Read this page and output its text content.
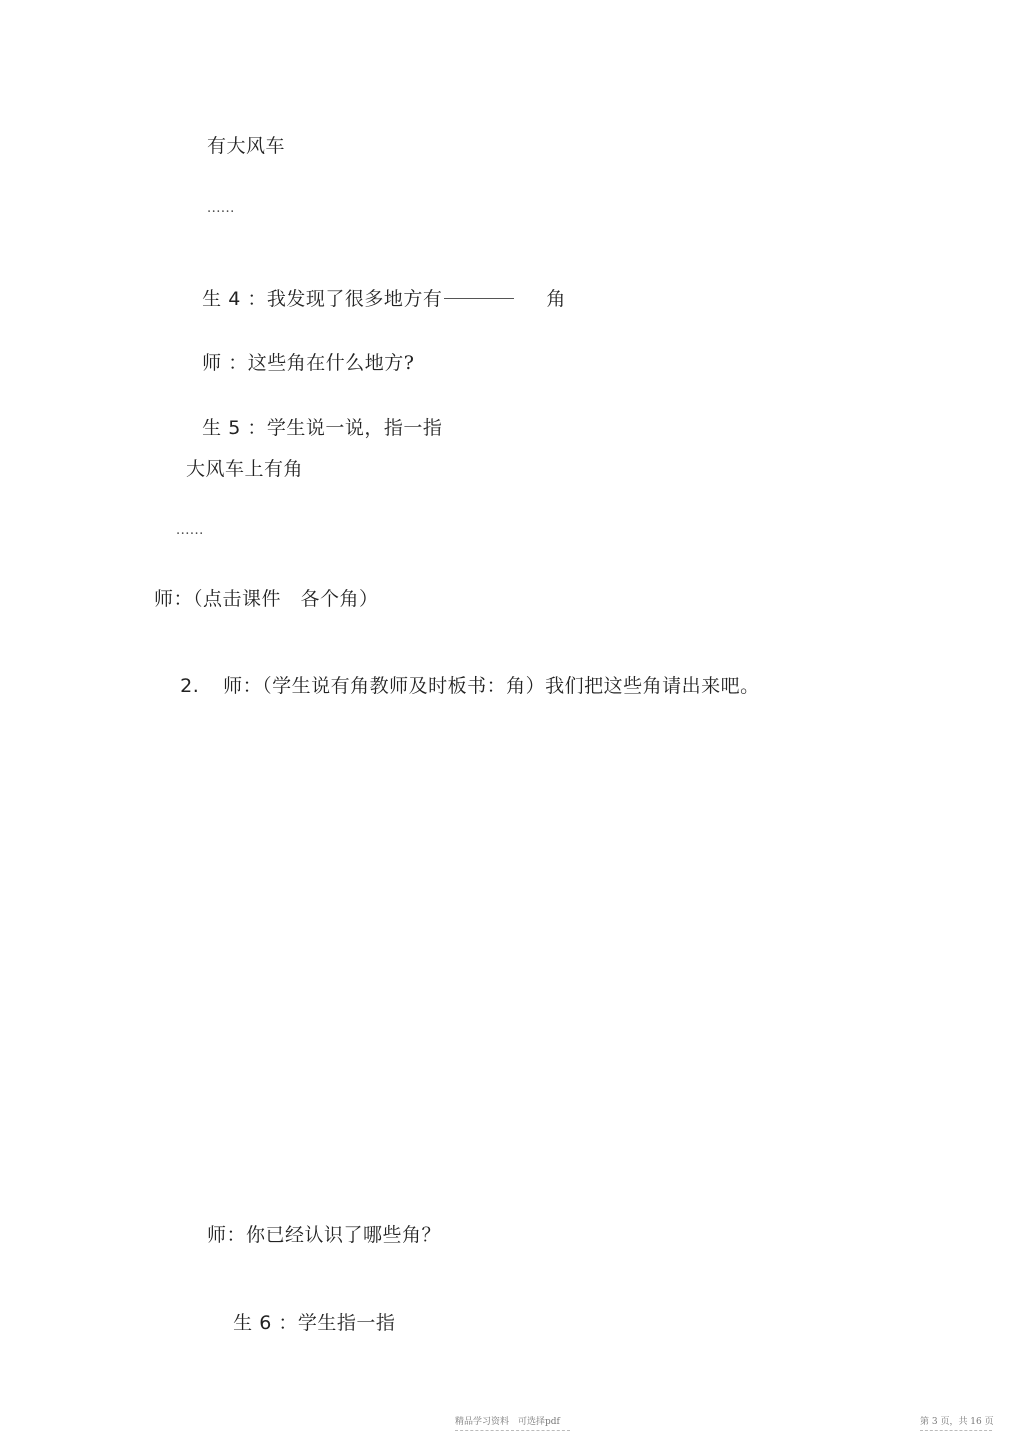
有大风车
......

生 4 ：我发现了很多地方有	角

师 ：这些角在什么地方?

生 5 ：学生说一说，指一指

大风车上有角
......
师：（点击课件　各个角）

2. 师：（学生说有角教师及时板书：角）我们把这些角请出来吧。

师：你已经认识了哪些角？

生 6 ：学生指一指

精品学习资料　可选择pdf	第 3 页，共 16 页
